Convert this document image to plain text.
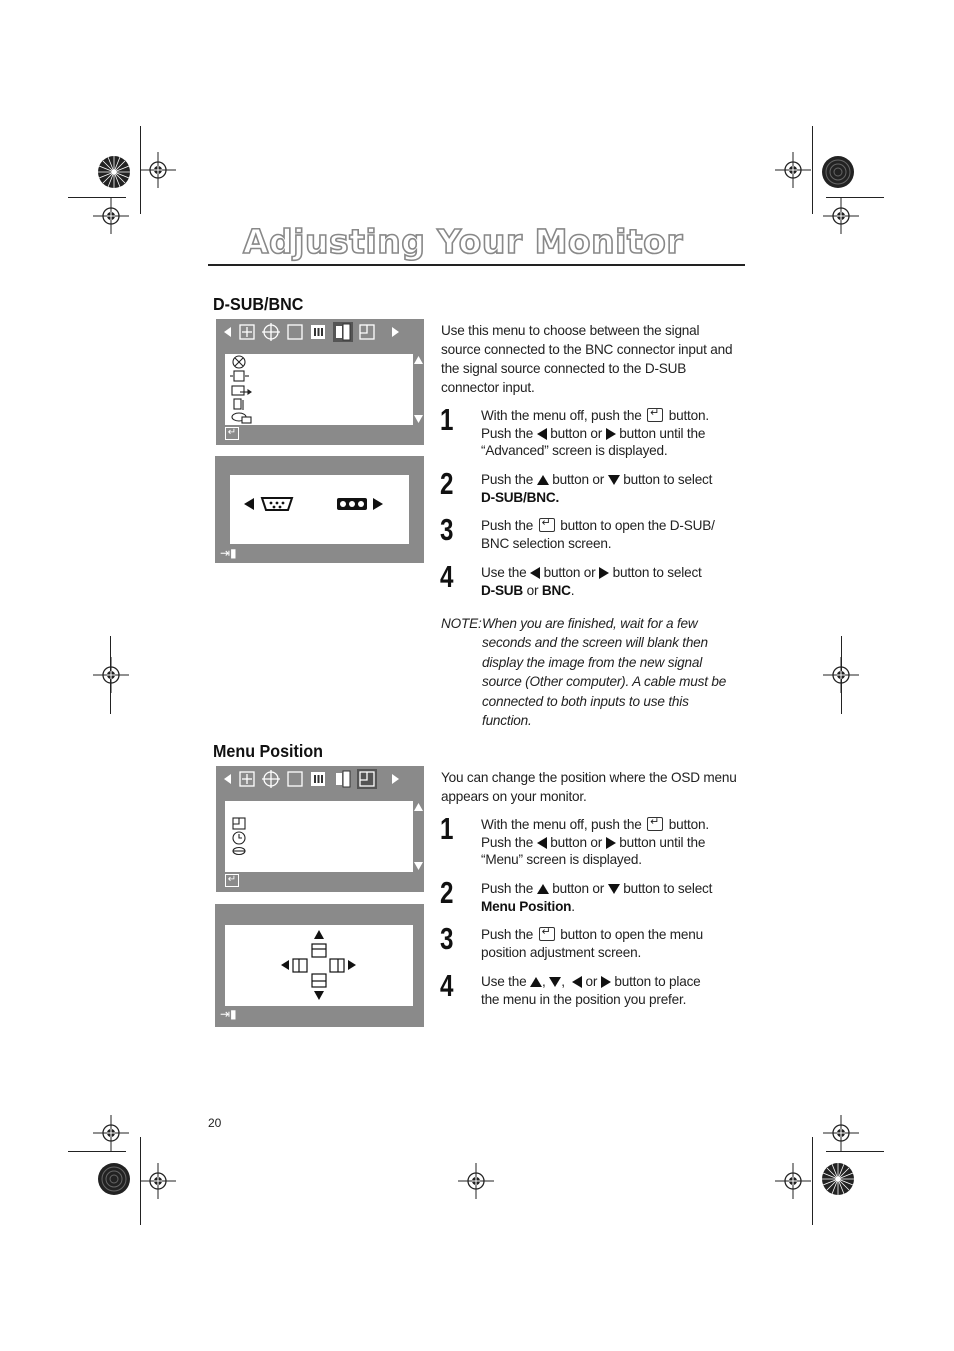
Adjusting Your Monitor
D-SUB/BNC
↵
⇥▮
Use this menu to choose between the signal source connected to the BNC connector input and the signal source connected to the D-SUB connector input.
1 With the menu off, push the ↵ button.
Push the button or button until the
“Advanced” screen is displayed.
2 Push the button or button to select
D-SUB/BNC.
3 Push the ↵ button to open the D-SUB/
BNC selection screen.
4 Use the button or button to select
D-SUB or BNC.
NOTE: When you are finished, wait for a few
seconds and the screen will blank then
display the image from the new signal
source (Other computer). A cable must be
connected to both inputs to use this
function.
Menu Position
↵
⇥▮
You can change the position where the OSD menu appears on your monitor.
1 With the menu off, push the ↵ button.
Push the button or button until the
“Menu” screen is displayed.
2 Push the button or button to select
Menu Position.
3 Push the ↵ button to open the menu
position adjustment screen.
4 Use the , , or button to place
the menu in the position you prefer.
20
